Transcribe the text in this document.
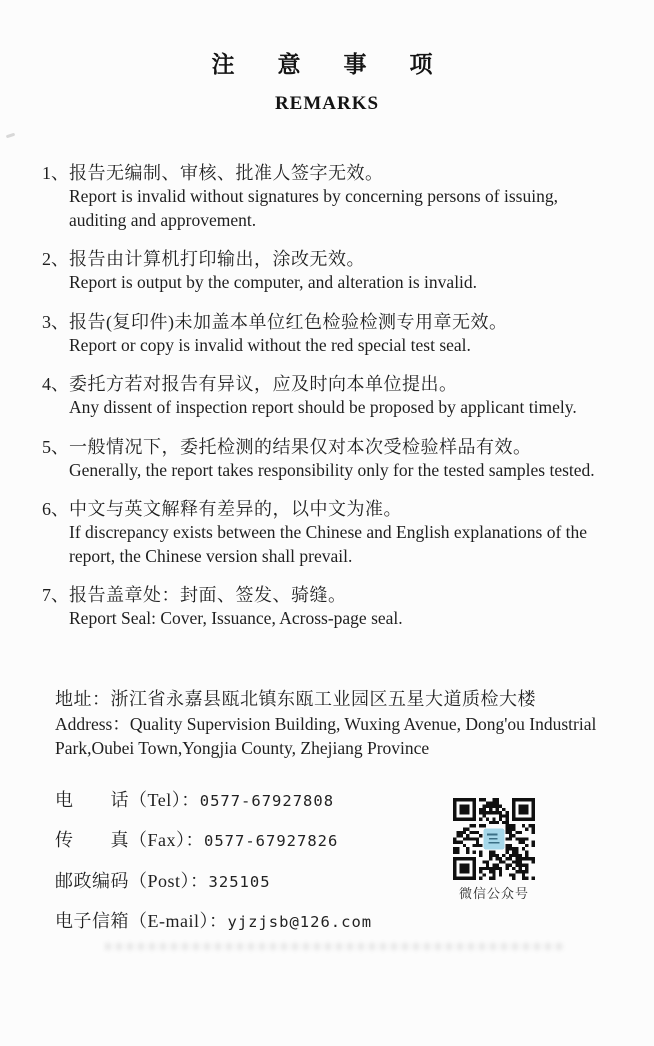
注　意　事　项
REMARKS
1、 报告无编制、审核、批准人签字无效。
Report is invalid without signatures by concerning persons of issuing, auditing and approvement.
2、 报告由计算机打印输出，涂改无效。
Report is output by the computer, and alteration is invalid.
3、 报告(复印件)未加盖本单位红色检验检测专用章无效。
Report or copy is invalid without the red special test seal.
4、 委托方若对报告有异议，应及时向本单位提出。
Any dissent of inspection report should be proposed by applicant timely.
5、 一般情况下，委托检测的结果仅对本次受检验样品有效。
Generally, the report takes responsibility only for the tested samples tested.
6、 中文与英文解释有差异的，以中文为准。
If discrepancy exists between the Chinese and English explanations of the report, the Chinese version shall prevail.
7、 报告盖章处：封面、签发、骑缝。
Report Seal: Cover, Issuance, Across-page seal.
地址：浙江省永嘉县瓯北镇东瓯工业园区五星大道质检大楼
Address：Quality Supervision Building, Wuxing Avenue, Dong'ou Industrial Park,Oubei Town,Yongjia County, Zhejiang Province
电　　话（Tel）： 0577-67927808
传　　真（Fax）： 0577-67927826
邮政编码（Post）： 325105
电子信箱（E-mail）： yjzjsb@126.com
微信公众号
